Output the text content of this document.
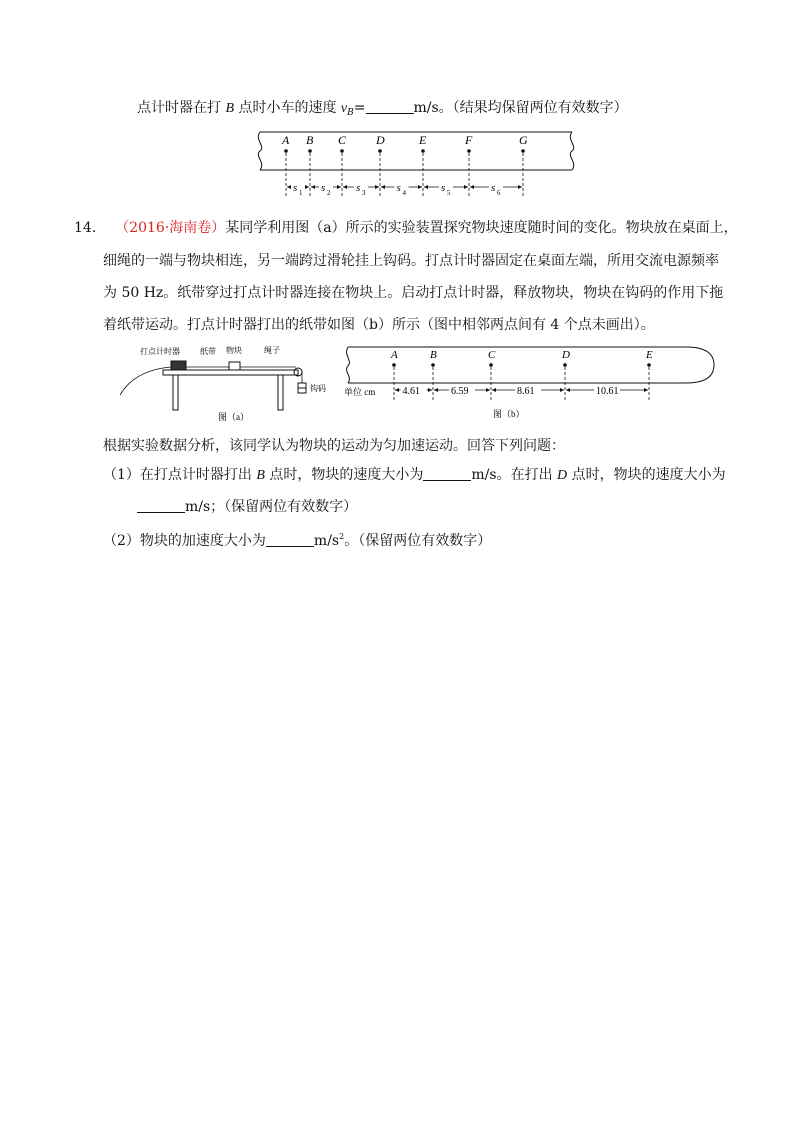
点计时器在打 B 点时小车的速度 $v_B=$	m/s。（结果均保留两位有效数字）
A B C D	E	F	G
s 1 s 2 s 3	s 4	s 5	s 6
14. （2016·海南卷）某同学利用图（a）所示的实验装置探究物块速度随时间的变化。物块放在桌面上，
细绳的一端与物块相连，另一端跨过滑轮挂上钩码。打点计时器固定在桌面左端，所用交流电源频率
为 50 Hz。纸带穿过打点计时器连接在物块上。启动打点计时器，释放物块，物块在钩码的作用下拖
着纸带运动。打点计时器打出的纸带如图（b）所示（图中相邻两点间有 4 个点未画出）。
打点计时器	纸带 物块	绳子
钩码
图（a）
单位 cm
A	B	C	D	E
4.61	6.59	8.61	10.61
图（b）
根据实验数据分析，该同学认为物块的运动为匀加速运动。回答下列问题：
（1）在打点计时器打出 B 点时，物块的速度大小为	m/s。在打出 D 点时，物块的速度大小为
m/s；（保留两位有效数字）
（2）物块的加速度大小为	$m/s^2$。（保留两位有效数字）
